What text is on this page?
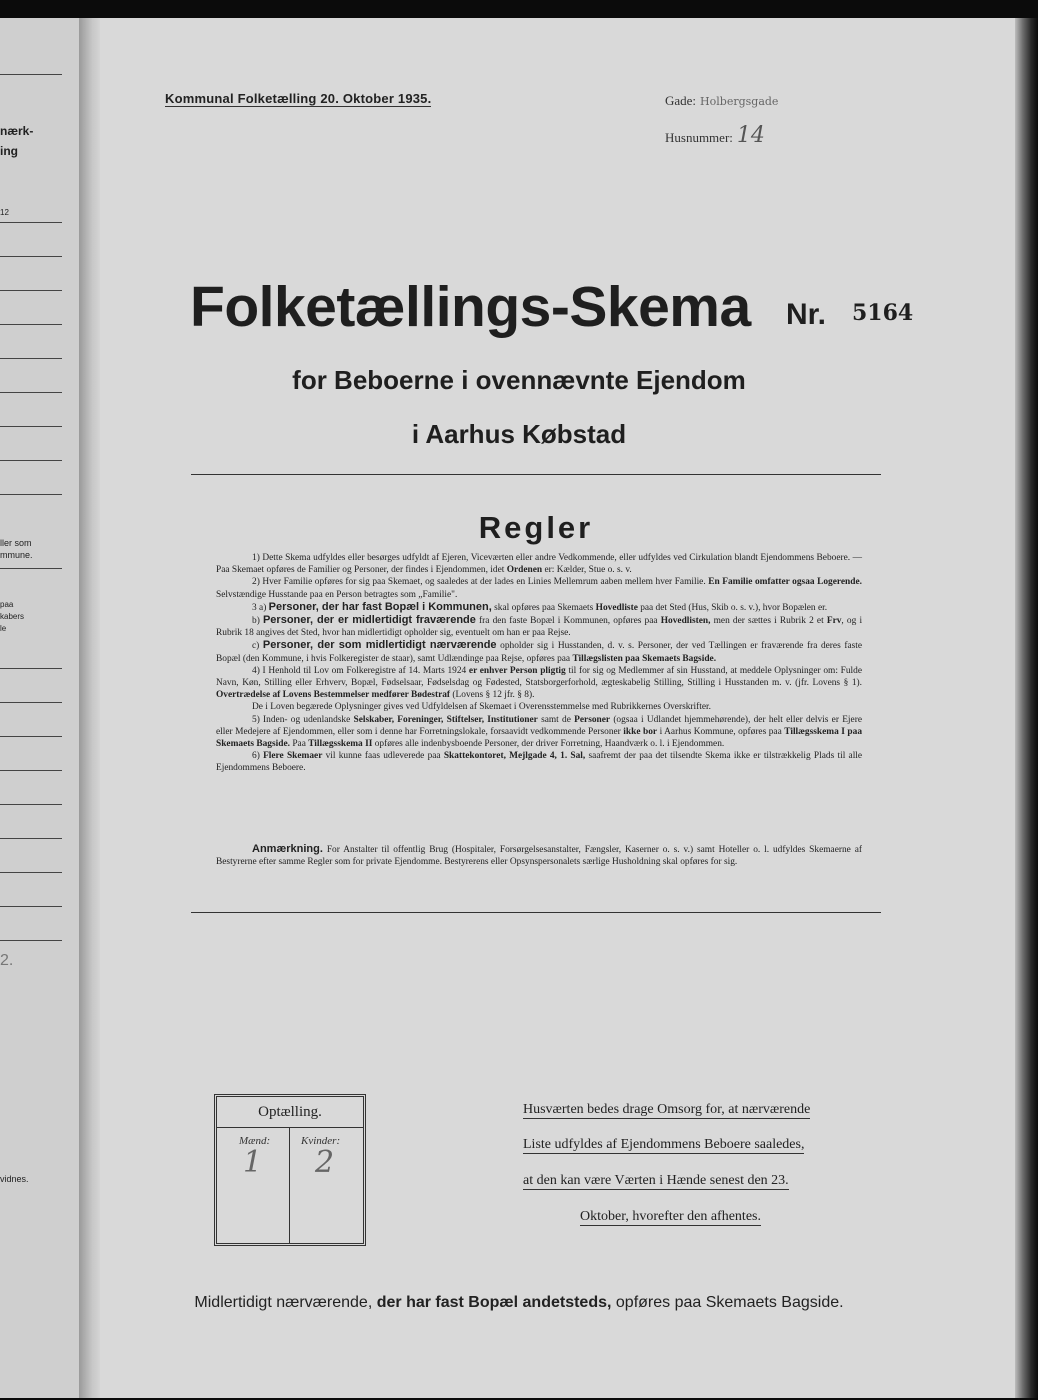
nærk-
ing
12
ller som
mmune.
paa
kabers
le
2.
vidnes.
Kommunal Folketælling 20. Oktober 1935.	Gade: Holbergsgade
Husnummer: 14
Folketællings-Skema Nr. 5164
for Beboerne i ovennævnte Ejendom
i Aarhus Købstad
Regler

1) Dette Skema udfyldes eller besørges udfyldt af Ejeren, Viceværten eller andre Vedkommende, eller udfyldes ved Cirkulation blandt Ejendommens Beboere. — Paa Skemaet opføres de Familier og Personer, der findes i Ejendommen, idet Ordenen er: Kælder, Stue o. s. v.

2) Hver Familie opføres for sig paa Skemaet, og saaledes at der lades en Linies Mellemrum aaben mellem hver Familie. En Familie omfatter ogsaa Logerende. Selvstændige Husstande paa en Person betragtes som „Familie".

3 a) Personer, der har fast Bopæl i Kommunen, skal opføres paa Skemaets Hovedliste paa det Sted (Hus, Skib o. s. v.), hvor Bopælen er.

b) Personer, der er midlertidigt fraværende fra den faste Bopæl i Kommunen, opføres paa Hovedlisten, men der sættes i Rubrik 2 et Frv, og i Rubrik 18 angives det Sted, hvor han midlertidigt opholder sig, eventuelt om han er paa Rejse.

c) Personer, der som midlertidigt nærværende opholder sig i Husstanden, d. v. s. Personer, der ved Tællingen er fraværende fra deres faste Bopæl (den Kommune, i hvis Folkeregister de staar), samt Udlændinge paa Rejse, opføres paa Tillægslisten paa Skemaets Bagside.

4) I Henhold til Lov om Folkeregistre af 14. Marts 1924 er enhver Person pligtig til for sig og Medlemmer af sin Husstand, at meddele Oplysninger om: Fulde Navn, Køn, Stilling eller Erhverv, Bopæl, Fødselsaar, Fødselsdag og Fødested, Statsborgerforhold, ægteskabelig Stilling, Stilling i Husstanden m. v. (jfr. Lovens § 1). Overtrædelse af Lovens Bestemmelser medfører Bødestraf (Lovens § 12 jfr. § 8).

De i Loven begærede Oplysninger gives ved Udfyldelsen af Skemaet i Overensstemmelse med Rubrikkernes Overskrifter.

5) Inden- og udenlandske Selskaber, Foreninger, Stiftelser, Institutioner samt de Personer (ogsaa i Udlandet hjemmehørende), der helt eller delvis er Ejere eller Medejere af Ejendommen, eller som i denne har Forretningslokale, forsaavidt vedkommende Personer ikke bor i Aarhus Kommune, opføres paa Tillægsskema I paa Skemaets Bagside. Paa Tillægsskema II opføres alle indenbysboende Personer, der driver Forretning, Haandværk o. l. i Ejendommen.

6) Flere Skemaer vil kunne faas udleverede paa Skattekontoret, Mejlgade 4, 1. Sal, saafremt der paa det tilsendte Skema ikke er tilstrækkelig Plads til alle Ejendommens Beboere.

Anmærkning. For Anstalter til offentlig Brug (Hospitaler, Forsørgelsesanstalter, Fængsler, Kaserner o. s. v.) samt Hoteller o. l. udfyldes Skemaerne af Bestyrerne efter samme Regler som for private Ejendomme. Bestyrerens eller Opsynspersonalets særlige Husholdning skal opføres for sig.

Optælling.
Mænd:	Kvinder:
1 2
Husværten bedes drage Omsorg for, at nærværende
Liste udfyldes af Ejendommens Beboere saaledes,
at den kan være Værten i Hænde senest den 23.
Oktober, hvorefter den afhentes.
Midlertidigt nærværende, der har fast Bopæl andetsteds, opføres paa Skemaets Bagside.
